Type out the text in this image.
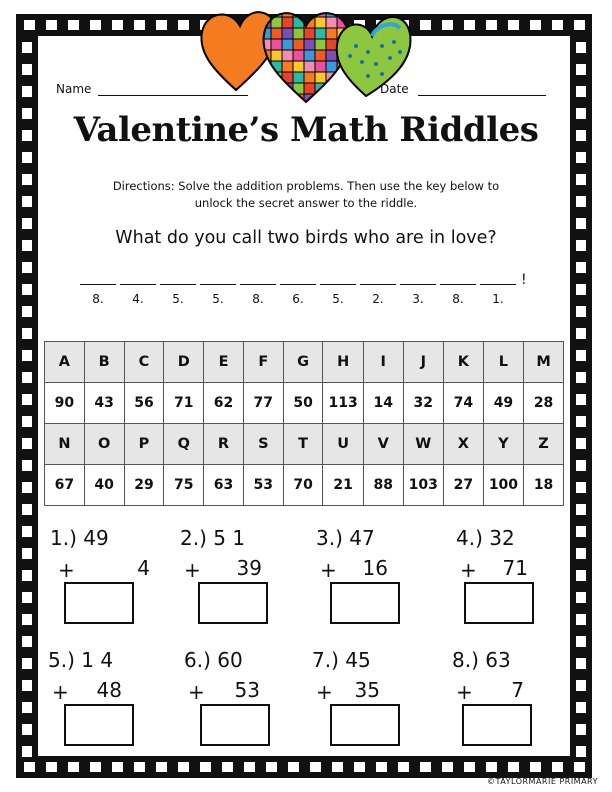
Name	Date
Valentine’s Math Riddles
Directions: Solve the addition problems. Then use the key below to
unlock the secret answer to the riddle.
What do you call two birds who are in love?
8.	4.	5.	5.	8.	6.	5.	2.	3.	8.	1.
!
A	B	C	D	E	F	G	H	I	J	K	L	M
90	43	56	71	62	77	50	113	14	32	74	49	28
N	O	P	Q	R	S	T	U	V	W	X	Y	Z
67	40	29	75	63	53	70	21	88	103	27	100	18
1.) 49
+	4
2.) 5 1
+	39
3.) 47
+	16
4.) 32
+	71
5.) 1 4
+	48
6.) 60
+	53
7.) 45
+	35
8.) 63
+	7
©TAYLORMARIE PRIMARY
